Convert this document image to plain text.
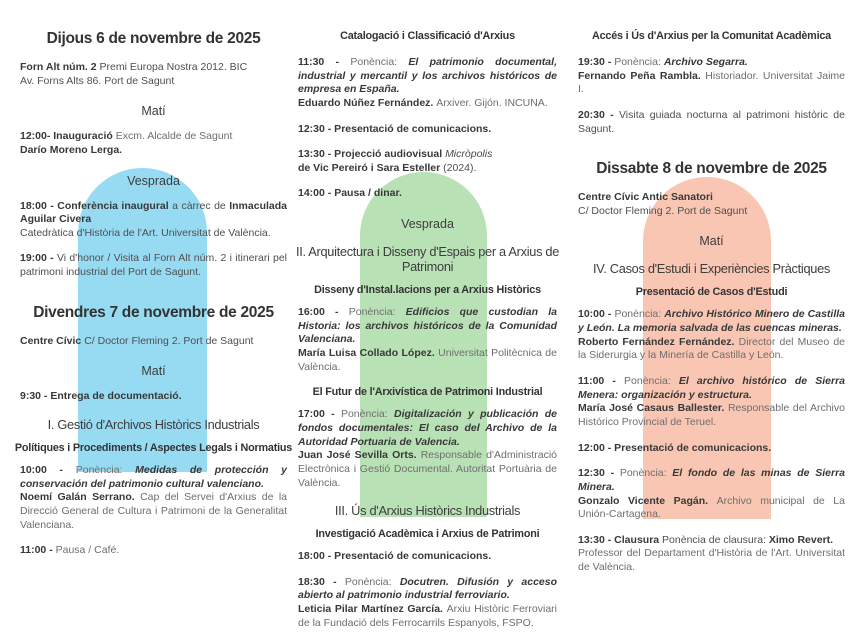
Dijous 6 de novembre de 2025
Forn Alt núm. 2 Premi Europa Nostra 2012. BIC
Av. Forns Alts 86. Port de Sagunt
Matí
12:00- Inauguració Excm. Alcalde de Sagunt
Darío Moreno Lerga.
Vesprada
18:00 - Conferència inaugural a càrrec de Inmaculada Aguilar Civera
Catedràtica d'Història de l'Art. Universitat de València.
19:00 - Vi d'honor / Visita al Forn Alt núm. 2 i itinerari pel patrimoni industrial del Port de Sagunt.
Divendres 7 de novembre de 2025
Centre Cívic C/ Doctor Fleming 2. Port de Sagunt
Matí
9:30 - Entrega de documentació.
I. Gestió d'Archivos Històrics Industrials
Polítiques i Procediments / Aspectes Legals i Normatius
10:00 - Ponència: Medidas de protección y conservación del patrimonio cultural valenciano.
Noemí Galán Serrano. Cap del Servei d'Arxius de la Direcció General de Cultura i Patrimoni de la Generalitat Valenciana.
11:00 - Pausa / Café.
Catalogació i Classificació d'Arxius
11:30 - Ponència: El patrimonio documental, industrial y mercantil y los archivos históricos de empresa en España.
Eduardo Núñez Fernández. Arxiver. Gijón. INCUNA.
12:30 - Presentació de comunicacions.
13:30 - Projecció audiovisual Micròpolis
de Vic Pereiró i Sara Esteller (2024).
14:00 - Pausa / dinar.
Vesprada
II. Arquitectura i Disseny d'Espais per a Arxius de Patrimoni
Disseny d'Instal.lacions per a Arxius Històrics
16:00 - Ponència: Edificios que custodian la Historia: los archivos históricos de la Comunidad Valenciana.
María Luisa Collado López. Universitat Politècnica de València.
El Futur de l'Arxivística de Patrimoni Industrial
17:00 - Ponència: Digitalización y publicación de fondos documentales: El caso del Archivo de la Autoridad Portuaria de Valencia.
Juan José Sevilla Orts. Responsable d'Administració Electrònica i Gestió Documental. Autoritat Portuària de València.
III. Ús d'Arxius Històrics Industrials
Investigació Acadèmica i Arxius de Patrimoni
18:00 - Presentació de comunicacions.
18:30 - Ponència: Docutren. Difusión y acceso abierto al patrimonio industrial ferroviario.
Leticia Pilar Martínez García. Arxiu Històric Ferroviari de la Fundació dels Ferrocarrils Espanyols, FSPO.
Accés i Ús d'Arxius per la Comunitat Acadèmica
19:30 - Ponència: Archivo Segarra.
Fernando Peña Rambla. Historiador. Universitat Jaime I.
20:30 - Visita guiada nocturna al patrimoni històric de Sagunt.
Dissabte 8 de novembre de 2025
Centre Cívic Antic Sanatori
C/ Doctor Fleming 2. Port de Sagunt
Matí
IV. Casos d'Estudi i Experiències Pràctiques
Presentació de Casos d'Estudi
10:00 - Ponència: Archivo Histórico Minero de Castilla y León. La memoria salvada de las cuencas mineras.
Roberto Fernández Fernández. Director del Museo de la Siderurgia y la Minería de Castilla y León.
11:00 - Ponència: El archivo histórico de Sierra Menera: organización y estructura.
María José Casaus Ballester. Responsable del Archivo Histórico Provincial de Teruel.
12:00 - Presentació de comunicacions.
12:30 - Ponència: El fondo de las minas de Sierra Minera.
Gonzalo Vicente Pagán. Archivo municipal de La Unión-Cartagena.
13:30 - Clausura Ponència de clausura: Ximo Revert.
Professor del Departament d'Història de l'Art. Universitat de València.
